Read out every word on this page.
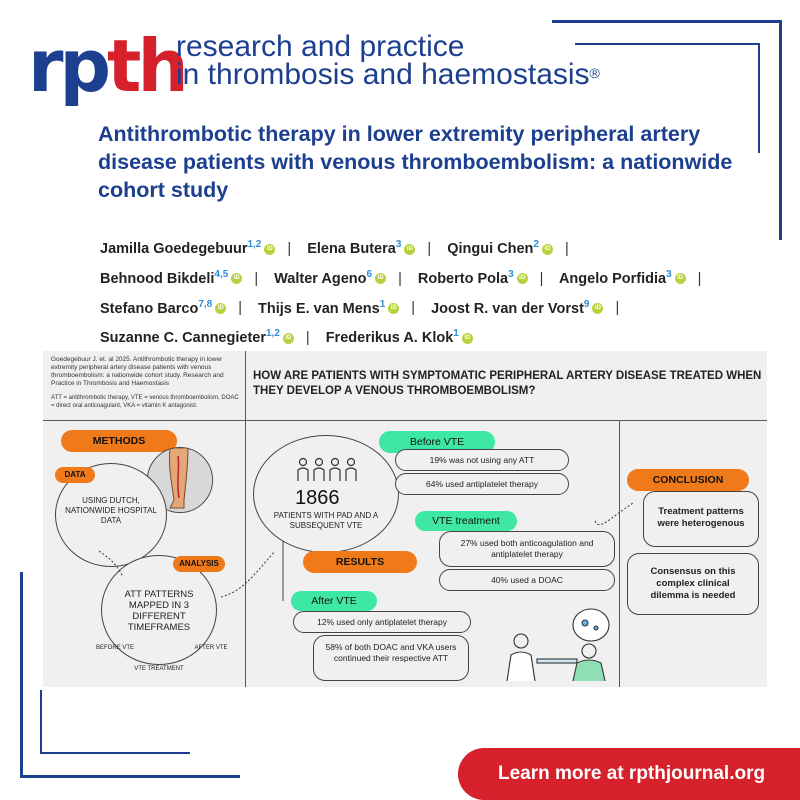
rpth
research and practice
in thrombosis and haemostasis®
Antithrombotic therapy in lower extremity peripheral artery disease patients with venous thromboembolism: a nationwide cohort study
Jamilla Goedegebuur$^{1,2}$ iD | Elena Butera$^3$ iD | Qingui Chen$^2$ iD |
Behnood Bikdeli$^{4,5}$ iD | Walter Ageno$^6$ iD | Roberto Pola$^3$ iD | Angelo Porfidia$^3$ iD |
Stefano Barco$^{7,8}$ iD | Thijs E. van Mens$^1$ iD | Joost R. van der Vorst$^9$ iD |
Suzanne C. Cannegieter$^{1,2}$ iD | Frederikus A. Klok$^1$ iD
Goedegebuur J. et. al 2025. Antithrombotic therapy in lower extremity peripheral artery disease patients with venous thromboembolism: a nationwide cohort study. Research and Practice in Thrombosis and Haemostasis
ATT = antithrombotic therapy, VTE = venous thromboembolism, DOAC = direct oral anticoagulant, VKA = vitamin K antagonist.
HOW ARE PATIENTS WITH SYMPTOMATIC PERIPHERAL ARTERY DISEASE TREATED WHEN THEY DEVELOP A VENOUS THROMBOEMBOLISM?
METHODS
DATA
USING DUTCH, NATIONWIDE HOSPITAL DATA
ANALYSIS
ATT PATTERNS MAPPED IN 3 DIFFERENT TIMEFRAMES
BEFORE VTE	AFTER VTE
VTE TREATMENT
1866
PATIENTS WITH PAD AND A SUBSEQUENT VTE
RESULTS
Before VTE
19% was not using any ATT
64% used antiplatelet therapy
VTE treatment
27% used both anticoagulation and antiplatelet therapy
40% used a DOAC
After VTE
12% used only antiplatelet therapy
58% of both DOAC and VKA users continued their respective ATT
CONCLUSION
Treatment patterns were heterogenous
Consensus on this complex clinical dilemma is needed
Learn more at rpthjournal.org
